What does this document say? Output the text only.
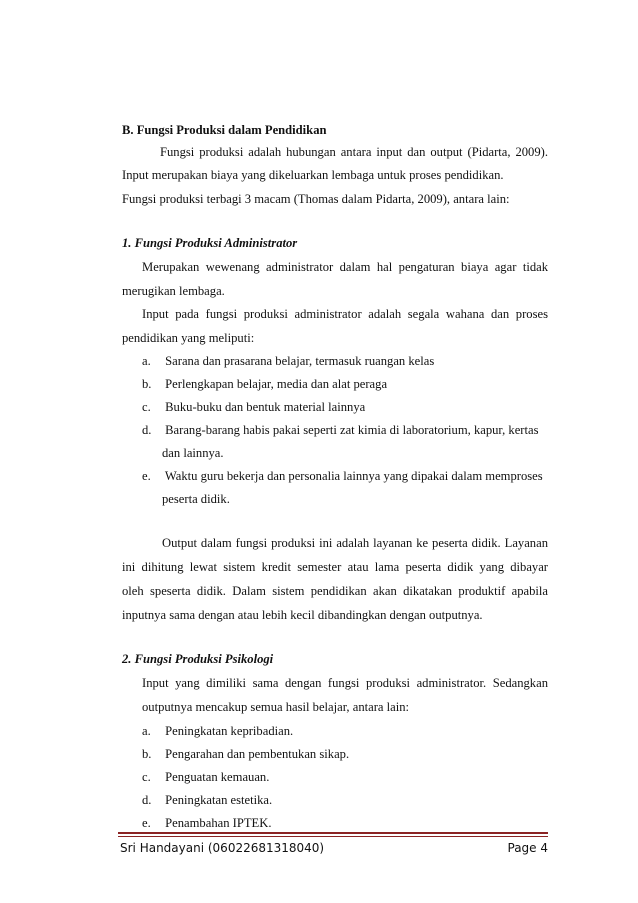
B. Fungsi Produksi dalam Pendidikan
Fungsi produksi adalah hubungan antara input dan output (Pidarta, 2009).
Input merupakan biaya yang dikeluarkan lembaga untuk proses pendidikan.
Fungsi produksi terbagi 3 macam (Thomas dalam Pidarta, 2009), antara lain:
1. Fungsi Produksi Administrator
Merupakan wewenang administrator dalam hal pengaturan biaya agar tidak
merugikan lembaga.
Input pada fungsi produksi administrator adalah segala wahana dan proses
pendidikan yang meliputi:
a. Sarana dan prasarana belajar, termasuk ruangan kelas
b. Perlengkapan belajar, media dan alat peraga
c. Buku-buku dan bentuk material lainnya
d. Barang-barang habis pakai seperti zat kimia di laboratorium, kapur, kertas
dan lainnya.
e. Waktu guru bekerja dan personalia lainnya yang dipakai dalam memproses
peserta didik.
Output dalam fungsi produksi ini adalah layanan ke peserta didik. Layanan
ini dihitung lewat sistem kredit semester atau lama peserta didik yang dibayar
oleh speserta didik. Dalam sistem pendidikan akan dikatakan produktif apabila
inputnya sama dengan atau lebih kecil dibandingkan dengan outputnya.
2. Fungsi Produksi Psikologi
Input yang dimiliki sama dengan fungsi produksi administrator. Sedangkan
outputnya mencakup semua hasil belajar, antara lain:
a. Peningkatan kepribadian.
b. Pengarahan dan pembentukan sikap.
c. Penguatan kemauan.
d. Peningkatan estetika.
e. Penambahan IPTEK.
Sri Handayani (06022681318040)	Page 4
